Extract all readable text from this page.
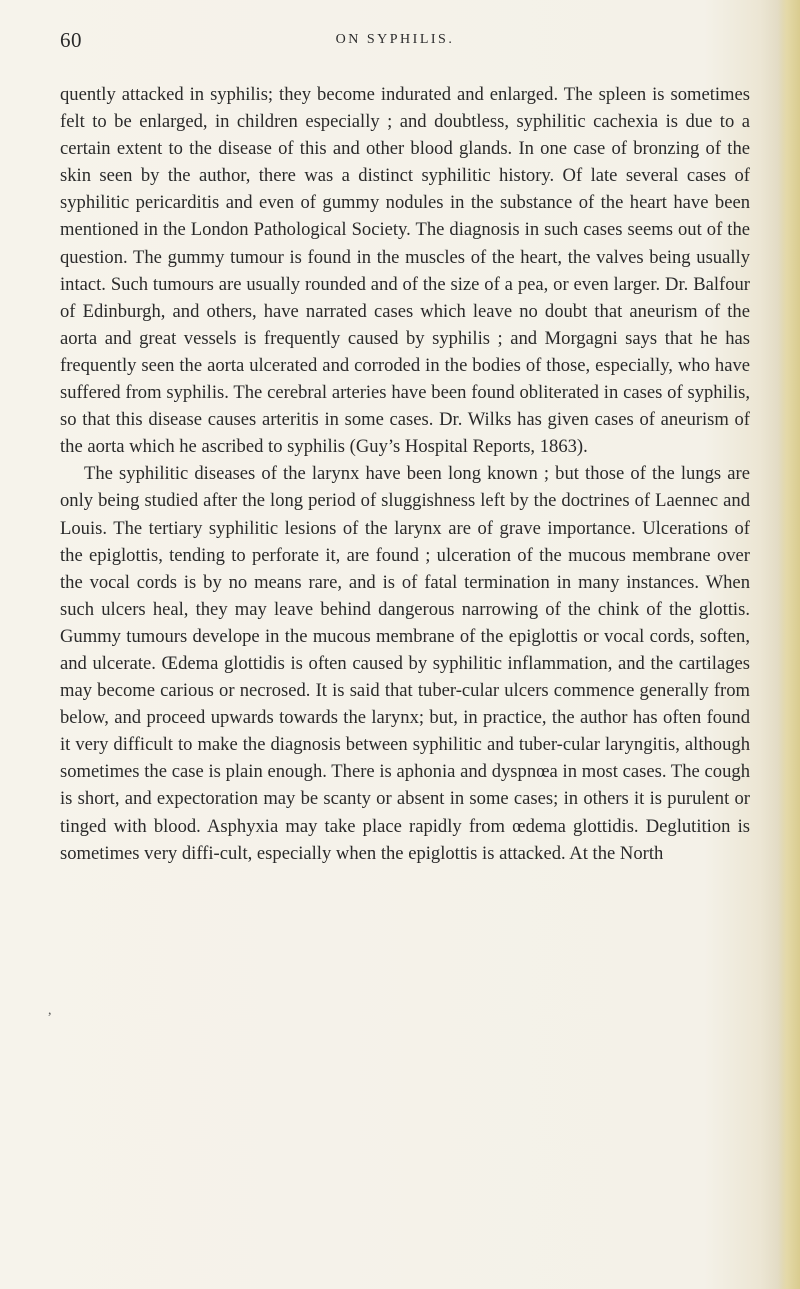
60	ON SYPHILIS.
,

quently attacked in syphilis; they become indurated and enlarged. The spleen is sometimes felt to be enlarged, in children especially ; and doubtless, syphilitic cachexia is due to a certain extent to the disease of this and other blood glands. In one case of bronzing of the skin seen by the author, there was a distinct syphilitic history. Of late several cases of syphilitic pericarditis and even of gummy nodules in the substance of the heart have been mentioned in the London Pathological Society. The diagnosis in such cases seems out of the question. The gummy tumour is found in the muscles of the heart, the valves being usually intact. Such tumours are usually rounded and of the size of a pea, or even larger. Dr. Balfour of Edinburgh, and others, have narrated cases which leave no doubt that aneurism of the aorta and great vessels is frequently caused by syphilis ; and Morgagni says that he has frequently seen the aorta ulcerated and corroded in the bodies of those, especially, who have suffered from syphilis. The cerebral arteries have been found obliterated in cases of syphilis, so that this disease causes arteritis in some cases. Dr. Wilks has given cases of aneurism of the aorta which he ascribed to syphilis (Guy’s Hospital Reports, 1863).

The syphilitic diseases of the larynx have been long known ; but those of the lungs are only being studied after the long period of sluggishness left by the doctrines of Laennec and Louis. The tertiary syphilitic lesions of the larynx are of grave importance. Ulcerations of the epiglottis, tending to perforate it, are found ; ulceration of the mucous membrane over the vocal cords is by no means rare, and is of fatal termination in many instances. When such ulcers heal, they may leave behind dangerous narrowing of the chink of the glottis. Gummy tumours develope in the mucous membrane of the epiglottis or vocal cords, soften, and ulcerate. Œdema glottidis is often caused by syphilitic inflammation, and the cartilages may become carious or necrosed. It is said that tuber-cular ulcers commence generally from below, and proceed upwards towards the larynx; but, in practice, the author has often found it very difficult to make the diagnosis between syphilitic and tuber-cular laryngitis, although sometimes the case is plain enough. There is aphonia and dyspnœa in most cases. The cough is short, and expectoration may be scanty or absent in some cases; in others it is purulent or tinged with blood. Asphyxia may take place rapidly from œdema glottidis. Deglutition is sometimes very diffi-cult, especially when the epiglottis is attacked. At the North
